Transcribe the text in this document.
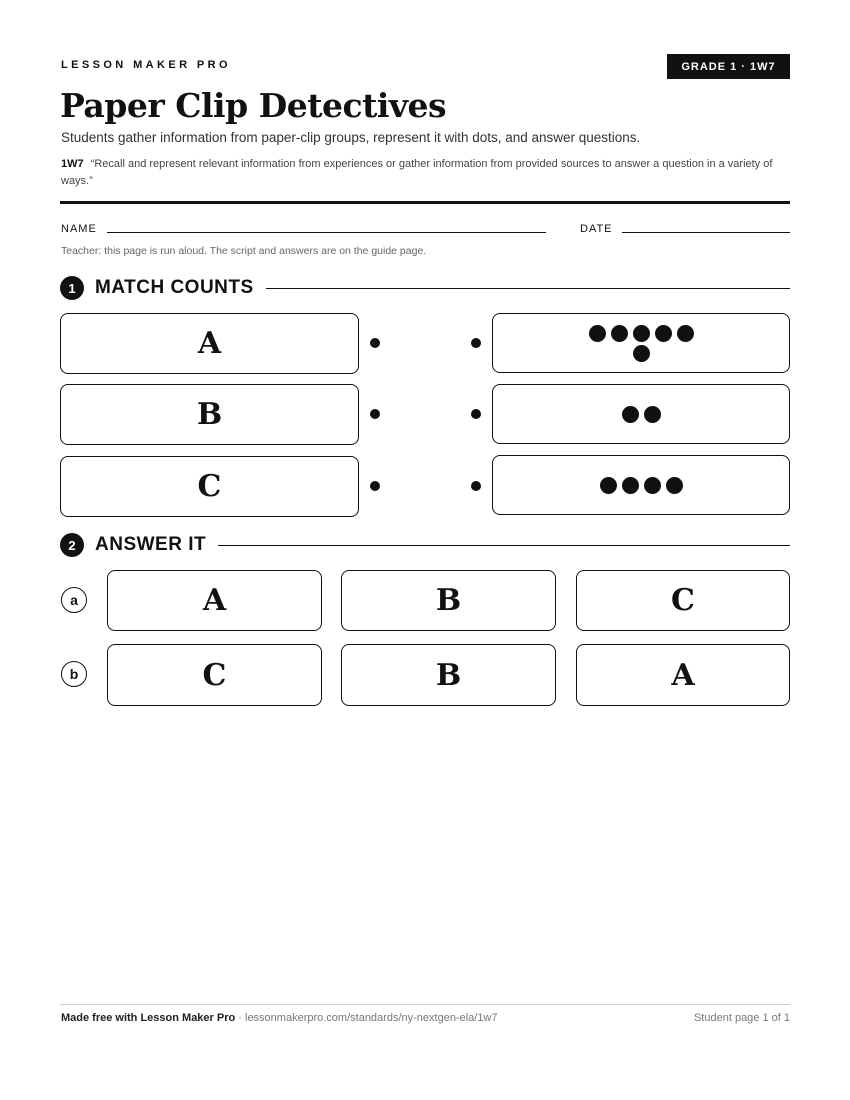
LESSON MAKER PRO	GRADE 1 · 1W7
Paper Clip Detectives
Students gather information from paper-clip groups, represent it with dots, and answer questions.
1W7 “Recall and represent relevant information from experiences or gather information from provided sources to answer a question in a variety of ways.”
NAME	DATE
Teacher: this page is run aloud. The script and answers are on the guide page.
1	MATCH COUNTS
A
B
C
2	ANSWER IT
a	A	B	C
b	C	B	A
Made free with Lesson Maker Pro · lessonmakerpro.com/standards/ny-nextgen-ela/1w7	Student page 1 of 1
